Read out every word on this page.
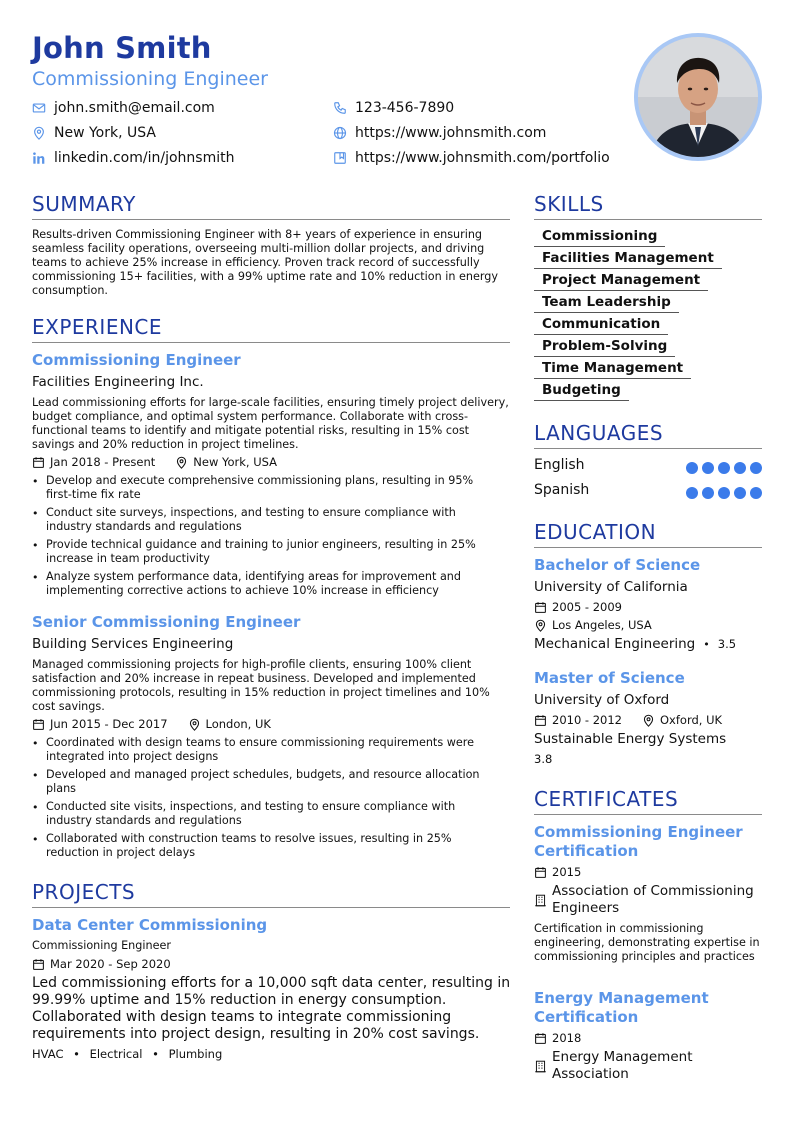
John Smith
Commissioning Engineer
john.smith@email.com	123-456-7890
New York, USA	https://www.johnsmith.com
linkedin.com/in/johnsmith	https://www.johnsmith.com/portfolio
SUMMARY
Results-driven Commissioning Engineer with 8+ years of experience in ensuring seamless facility operations, overseeing multi-million dollar projects, and driving teams to achieve 25% increase in efficiency. Proven track record of successfully commissioning 15+ facilities, with a 99% uptime rate and 10% reduction in energy consumption.
EXPERIENCE
Commissioning Engineer
Facilities Engineering Inc.
Lead commissioning efforts for large-scale facilities, ensuring timely project delivery, budget compliance, and optimal system performance. Collaborate with cross-functional teams to identify and mitigate potential risks, resulting in 15% cost savings and 20% reduction in project timelines.
Jan 2018 - Present	New York, USA
• Develop and execute comprehensive commissioning plans, resulting in 95% first-time fix rate
• Conduct site surveys, inspections, and testing to ensure compliance with industry standards and regulations
• Provide technical guidance and training to junior engineers, resulting in 25% increase in team productivity
• Analyze system performance data, identifying areas for improvement and implementing corrective actions to achieve 10% increase in efficiency
Senior Commissioning Engineer
Building Services Engineering
Managed commissioning projects for high-profile clients, ensuring 100% client satisfaction and 20% increase in repeat business. Developed and implemented commissioning protocols, resulting in 15% reduction in project timelines and 10% cost savings.
Jun 2015 - Dec 2017	London, UK
• Coordinated with design teams to ensure commissioning requirements were integrated into project designs
• Developed and managed project schedules, budgets, and resource allocation plans
• Conducted site visits, inspections, and testing to ensure compliance with industry standards and regulations
• Collaborated with construction teams to resolve issues, resulting in 25% reduction in project delays
PROJECTS
Data Center Commissioning
Commissioning Engineer
Mar 2020 - Sep 2020
Led commissioning efforts for a 10,000 sqft data center, resulting in 99.99% uptime and 15% reduction in energy consumption. Collaborated with design teams to integrate commissioning requirements into project design, resulting in 20% cost savings.
HVAC • Electrical • Plumbing
SKILLS
Commissioning
Facilities Management
Project Management
Team Leadership
Communication
Problem-Solving
Time Management
Budgeting
LANGUAGES
English
Spanish
EDUCATION
Bachelor of Science
University of California
2005 - 2009
Los Angeles, USA
Mechanical Engineering • 3.5
Master of Science
University of Oxford
2010 - 2012	Oxford, UK
Sustainable Energy Systems
3.8
CERTIFICATES
Commissioning Engineer Certification
2015
Association of Commissioning Engineers
Certification in commissioning engineering, demonstrating expertise in commissioning principles and practices
Energy Management Certification
2018
Energy Management Association
